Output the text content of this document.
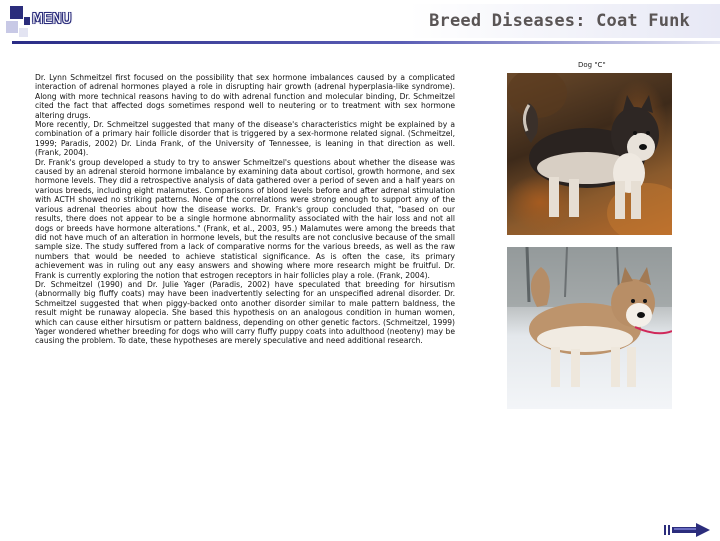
MENU	Breed Diseases: Coat Funk

Dr. Lynn Schmeitzel first focused on the possibility that sex hormone imbalances caused by a complicated interaction of adrenal hormones played a role in disrupting hair growth (adrenal hyperplasia-like syndrome). Along with more technical reasons having to do with adrenal function and molecular binding, Dr. Schmeitzel cited the fact that affected dogs sometimes respond well to neutering or to treatment with sex hormone altering drugs.

More recently, Dr. Schmeitzel suggested that many of the disease's characteristics might be explained by a combination of a primary hair follicle disorder that is triggered by a sex-hormone related signal. (Schmeitzel, 1999; Paradis, 2002) Dr. Linda Frank, of the University of Tennessee, is leaning in that direction as well. (Frank, 2004).

Dr. Frank's group developed a study to try to answer Schmeitzel's questions about whether the disease was caused by an adrenal steroid hormone imbalance by examining data about cortisol, growth hormone, and sex hormone levels. They did a retrospective analysis of data gathered over a period of seven and a half years on various breeds, including eight malamutes. Comparisons of blood levels before and after adrenal stimulation with ACTH showed no striking patterns. None of the correlations were strong enough to support any of the various adrenal theories about how the disease works. Dr. Frank's group concluded that, "based on our results, there does not appear to be a single hormone abnormality associated with the hair loss and not all dogs or breeds have hormone alterations." (Frank, et al., 2003, 95.) Malamutes were among the breeds that did not have much of an alteration in hormone levels, but the results are not conclusive because of the small sample size. The study suffered from a lack of comparative norms for the various breeds, as well as the raw numbers that would be needed to achieve statistical significance. As is often the case, its primary achievement was in ruling out any easy answers and showing where more research might be fruitful. Dr. Frank is currently exploring the notion that estrogen receptors in hair follicles play a role. (Frank, 2004).

Dr. Schmeitzel (1990) and Dr. Julie Yager (Paradis, 2002) have speculated that breeding for hirsutism (abnormally big fluffy coats) may have been inadvertently selecting for an unspecified adrenal disorder. Dr. Schmeitzel suggested that when piggy-backed onto another disorder similar to male pattern baldness, the result might be runaway alopecia. She based this hypothesis on an analogous condition in human women, which can cause either hirsutism or pattern baldness, depending on other genetic factors. (Schmeitzel, 1999) Yager wondered whether breeding for dogs who will carry fluffy puppy coats into adulthood (neoteny) may be causing the problem. To date, these hypotheses are merely speculative and need additional research.

Dog "C"
